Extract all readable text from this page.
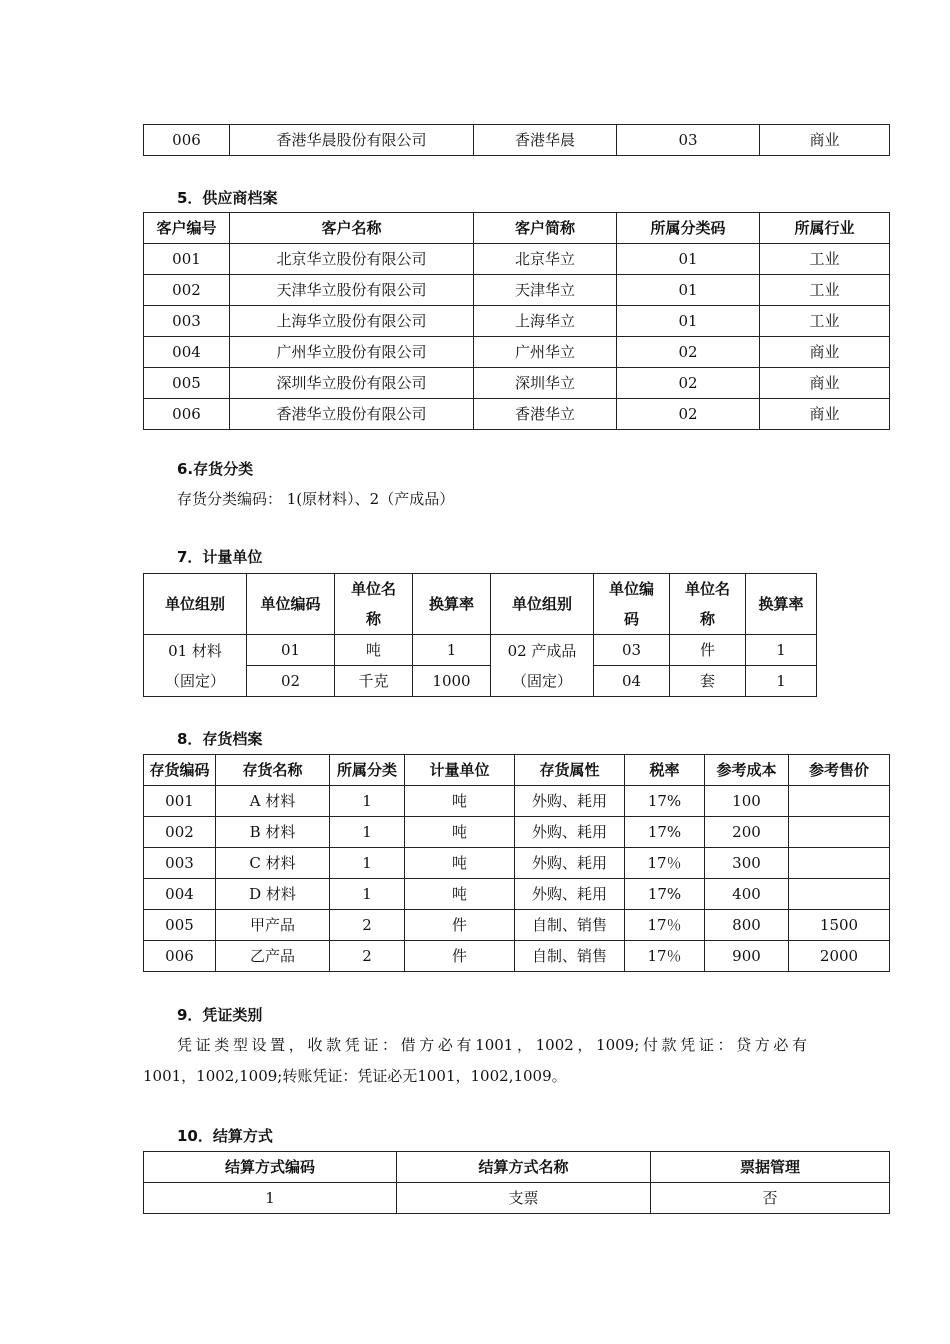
006	香港华晨股份有限公司	香港华晨	03	商业
5．供应商档案
客户编号	客户名称	客户简称	所属分类码	所属行业
001	北京华立股份有限公司	北京华立	01	工业
002	天津华立股份有限公司	天津华立	01	工业
003	上海华立股份有限公司	上海华立	01	工业
004	广州华立股份有限公司	广州华立	02	商业
005	深圳华立股份有限公司	深圳华立	02	商业
006	香港华立股份有限公司	香港华立	02	商业
6.存货分类
存货分类编码： 1(原材料）、2（产成品）
7．计量单位
单位组别	单位编码	单位名称	换算率	单位组别	单位编码	单位名称	换算率
01 材料（固定）	01	吨	1	02 产成品（固定）	03	件	1
	02	千克	1000		04	套	1
8．存货档案
存货编码	存货名称	所属分类	计量单位	存货属性	税率	参考成本	参考售价
001	A 材料	1	吨	外购、耗用	17%	100	
002	B 材料	1	吨	外购、耗用	17%	200	
003	C 材料	1	吨	外购、耗用	17％	300	
004	D 材料	1	吨	外购、耗用	17%	400	
005	甲产品	2	件	自制、销售	17％	800	1500
006	乙产品	2	件	自制、销售	17％	900	2000
9．凭证类别
凭证类型设置，收款凭证：借方必有1001，1002，1009;付款凭证：贷方必有
1001，1002,1009;转账凭证：凭证必无1001，1002,1009。
10．结算方式
结算方式编码	结算方式名称	票据管理
1	支票	否
